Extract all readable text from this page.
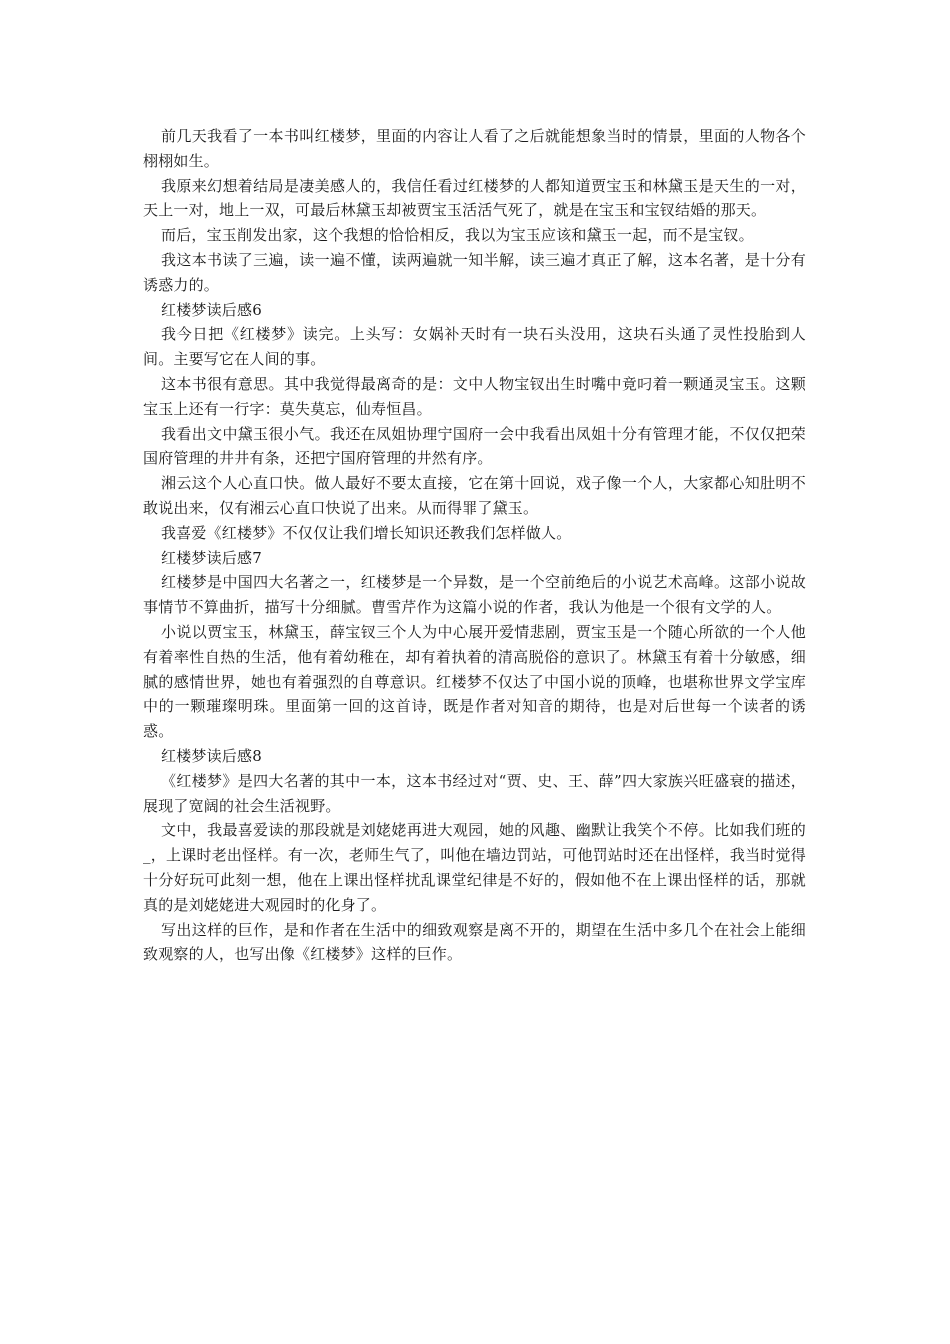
前几天我看了一本书叫红楼梦，里面的内容让人看了之后就能想象当时的情景，里面的人物各个栩栩如生。

我原来幻想着结局是凄美感人的，我信任看过红楼梦的人都知道贾宝玉和林黛玉是天生的一对，天上一对，地上一双，可最后林黛玉却被贾宝玉活活气死了，就是在宝玉和宝钗结婚的那天。

而后，宝玉削发出家，这个我想的恰恰相反，我以为宝玉应该和黛玉一起，而不是宝钗。

我这本书读了三遍，读一遍不懂，读两遍就一知半解，读三遍才真正了解，这本名著，是十分有诱惑力的。

红楼梦读后感6

我今日把《红楼梦》读完。上头写：女娲补天时有一块石头没用，这块石头通了灵性投胎到人间。主要写它在人间的事。

这本书很有意思。其中我觉得最离奇的是：文中人物宝钗出生时嘴中竟叼着一颗通灵宝玉。这颗宝玉上还有一行字：莫失莫忘，仙寿恒昌。

我看出文中黛玉很小气。我还在凤姐协理宁国府一会中我看出凤姐十分有管理才能，不仅仅把荣国府管理的井井有条，还把宁国府管理的井然有序。

湘云这个人心直口快。做人最好不要太直接，它在第十回说，戏子像一个人，大家都心知肚明不敢说出来，仅有湘云心直口快说了出来。从而得罪了黛玉。

我喜爱《红楼梦》不仅仅让我们增长知识还教我们怎样做人。

红楼梦读后感7

红楼梦是中国四大名著之一，红楼梦是一个异数，是一个空前绝后的小说艺术高峰。这部小说故事情节不算曲折，描写十分细腻。曹雪芹作为这篇小说的作者，我认为他是一个很有文学的人。

小说以贾宝玉，林黛玉，薛宝钗三个人为中心展开爱情悲剧，贾宝玉是一个随心所欲的一个人他有着率性自热的生活，他有着幼稚在，却有着执着的清高脱俗的意识了。林黛玉有着十分敏感，细腻的感情世界，她也有着强烈的自尊意识。红楼梦不仅达了中国小说的顶峰，也堪称世界文学宝库中的一颗璀璨明珠。里面第一回的这首诗，既是作者对知音的期待，也是对后世每一个读者的诱惑。

红楼梦读后感8

《红楼梦》是四大名著的其中一本，这本书经过对“贾、史、王、薛”四大家族兴旺盛衰的描述，展现了宽阔的社会生活视野。

文中，我最喜爱读的那段就是刘姥姥再进大观园，她的风趣、幽默让我笑个不停。比如我们班的_，上课时老出怪样。有一次，老师生气了，叫他在墙边罚站，可他罚站时还在出怪样，我当时觉得十分好玩可此刻一想，他在上课出怪样扰乱课堂纪律是不好的，假如他不在上课出怪样的话，那就真的是刘姥姥进大观园时的化身了。

写出这样的巨作，是和作者在生活中的细致观察是离不开的，期望在生活中多几个在社会上能细致观察的人，也写出像《红楼梦》这样的巨作。
